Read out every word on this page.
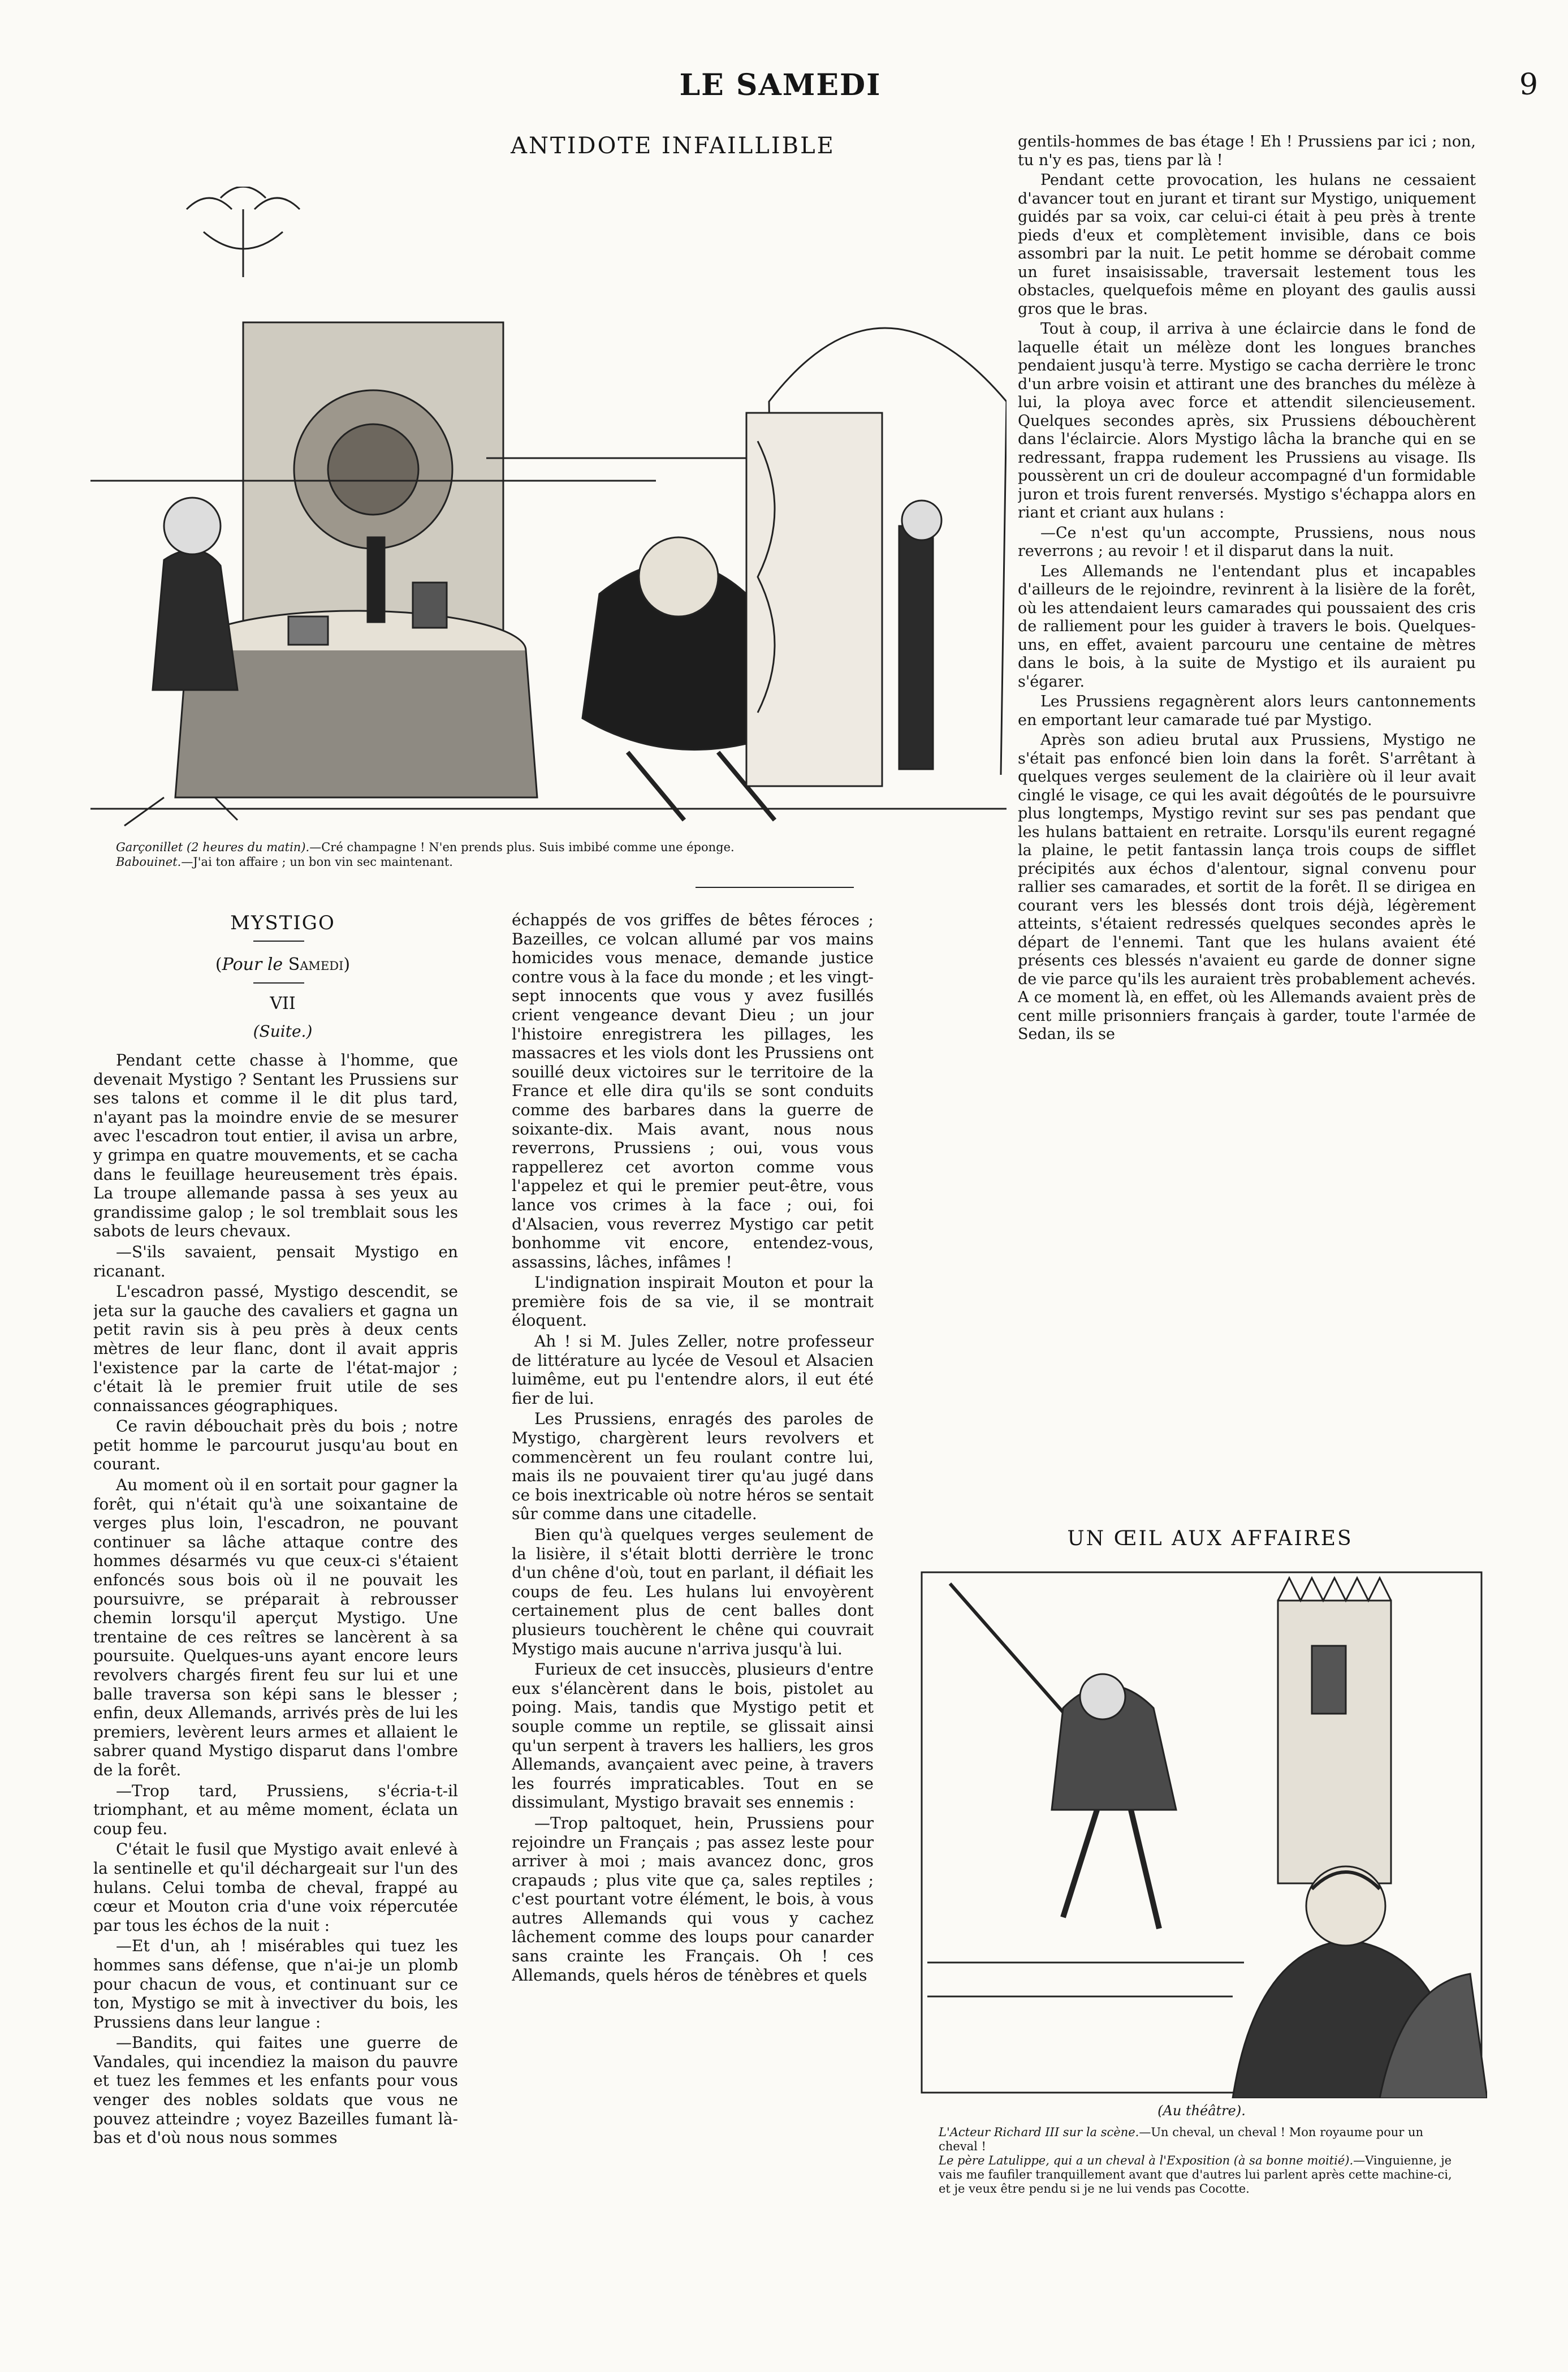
LE SAMEDI	9
ANTIDOTE INFAILLIBLE
Garçonillet (2 heures du matin).—Cré champagne ! N'en prends plus. Suis imbibé comme une éponge.
Babouinet.—J'ai ton affaire ; un bon vin sec maintenant.
MYSTIGO
(Pour le Samedi)
VII
(Suite.)

Pendant cette chasse à l'homme, que devenait Mystigo ? Sentant les Prussiens sur ses talons et comme il le dit plus tard, n'ayant pas la moindre envie de se mesurer avec l'escadron tout entier, il avisa un arbre, y grimpa en quatre mouvements, et se cacha dans le feuillage heureusement très épais. La troupe allemande passa à ses yeux au grandissime galop ; le sol tremblait sous les sabots de leurs chevaux.

—S'ils savaient, pensait Mystigo en ricanant.

L'escadron passé, Mystigo descendit, se jeta sur la gauche des cavaliers et gagna un petit ravin sis à peu près à deux cents mètres de leur flanc, dont il avait appris l'existence par la carte de l'état-major ; c'était là le premier fruit utile de ses connaissances géographiques.

Ce ravin débouchait près du bois ; notre petit homme le parcourut jusqu'au bout en courant.

Au moment où il en sortait pour gagner la forêt, qui n'était qu'à une soixantaine de verges plus loin, l'escadron, ne pouvant continuer sa lâche attaque contre des hommes désarmés vu que ceux-ci s'étaient enfoncés sous bois où il ne pouvait les poursuivre, se préparait à rebrousser chemin lorsqu'il aperçut Mystigo. Une trentaine de ces reîtres se lancèrent à sa poursuite. Quelques-uns ayant encore leurs revolvers chargés firent feu sur lui et une balle traversa son képi sans le blesser ; enfin, deux Allemands, arrivés près de lui les premiers, levèrent leurs armes et allaient le sabrer quand Mystigo disparut dans l'ombre de la forêt.

—Trop tard, Prussiens, s'écria-t-il triomphant, et au même moment, éclata un coup feu.

C'était le fusil que Mystigo avait enlevé à la sentinelle et qu'il déchargeait sur l'un des hulans. Celui tomba de cheval, frappé au cœur et Mouton cria d'une voix répercutée par tous les échos de la nuit :

—Et d'un, ah ! misérables qui tuez les hommes sans défense, que n'ai-je un plomb pour chacun de vous, et continuant sur ce ton, Mystigo se mit à invectiver du bois, les Prussiens dans leur langue :

—Bandits, qui faites une guerre de Vandales, qui incendiez la maison du pauvre et tuez les femmes et les enfants pour vous venger des nobles soldats que vous ne pouvez atteindre ; voyez Bazeilles fumant là-bas et d'où nous nous sommes

échappés de vos griffes de bêtes féroces ; Bazeilles, ce volcan allumé par vos mains homicides vous menace, demande justice contre vous à la face du monde ; et les vingt-sept innocents que vous y avez fusillés crient vengeance devant Dieu ; un jour l'histoire enregistrera les pillages, les massacres et les viols dont les Prussiens ont souillé deux victoires sur le territoire de la France et elle dira qu'ils se sont conduits comme des barbares dans la guerre de soixante-dix. Mais avant, nous nous reverrons, Prussiens ; oui, vous vous rappellerez cet avorton comme vous l'appelez et qui le premier peut-être, vous lance vos crimes à la face ; oui, foi d'Alsacien, vous reverrez Mystigo car petit bonhomme vit encore, entendez-vous, assassins, lâches, infâmes !

L'indignation inspirait Mouton et pour la première fois de sa vie, il se montrait éloquent.

Ah ! si M. Jules Zeller, notre professeur de littérature au lycée de Vesoul et Alsacien luimême, eut pu l'entendre alors, il eut été fier de lui.

Les Prussiens, enragés des paroles de Mystigo, chargèrent leurs revolvers et commencèrent un feu roulant contre lui, mais ils ne pouvaient tirer qu'au jugé dans ce bois inextricable où notre héros se sentait sûr comme dans une citadelle.

Bien qu'à quelques verges seulement de la lisière, il s'était blotti derrière le tronc d'un chêne d'où, tout en parlant, il défiait les coups de feu. Les hulans lui envoyèrent certainement plus de cent balles dont plusieurs touchèrent le chêne qui couvrait Mystigo mais aucune n'arriva jusqu'à lui.

Furieux de cet insuccès, plusieurs d'entre eux s'élancèrent dans le bois, pistolet au poing. Mais, tandis que Mystigo petit et souple comme un reptile, se glissait ainsi qu'un serpent à travers les halliers, les gros Allemands, avançaient avec peine, à travers les fourrés impraticables. Tout en se dissimulant, Mystigo bravait ses ennemis :

—Trop paltoquet, hein, Prussiens pour rejoindre un Français ; pas assez leste pour arriver à moi ; mais avancez donc, gros crapauds ; plus vite que ça, sales reptiles ; c'est pourtant votre élément, le bois, à vous autres Allemands qui vous y cachez lâchement comme des loups pour canarder sans crainte les Français. Oh ! ces Allemands, quels héros de ténèbres et quels

gentils-hommes de bas étage ! Eh ! Prussiens par ici ; non, tu n'y es pas, tiens par là !

Pendant cette provocation, les hulans ne cessaient d'avancer tout en jurant et tirant sur Mystigo, uniquement guidés par sa voix, car celui-ci était à peu près à trente pieds d'eux et complètement invisible, dans ce bois assombri par la nuit. Le petit homme se dérobait comme un furet insaisissable, traversait lestement tous les obstacles, quelquefois même en ployant des gaulis aussi gros que le bras.

Tout à coup, il arriva à une éclaircie dans le fond de laquelle était un mélèze dont les longues branches pendaient jusqu'à terre. Mystigo se cacha derrière le tronc d'un arbre voisin et attirant une des branches du mélèze à lui, la ploya avec force et attendit silencieusement. Quelques secondes après, six Prussiens débouchèrent dans l'éclaircie. Alors Mystigo lâcha la branche qui en se redressant, frappa rudement les Prussiens au visage. Ils poussèrent un cri de douleur accompagné d'un formidable juron et trois furent renversés. Mystigo s'échappa alors en riant et criant aux hulans :

—Ce n'est qu'un accompte, Prussiens, nous nous reverrons ; au revoir ! et il disparut dans la nuit.

Les Allemands ne l'entendant plus et incapables d'ailleurs de le rejoindre, revinrent à la lisière de la forêt, où les attendaient leurs camarades qui poussaient des cris de ralliement pour les guider à travers le bois. Quelques-uns, en effet, avaient parcouru une centaine de mètres dans le bois, à la suite de Mystigo et ils auraient pu s'égarer.

Les Prussiens regagnèrent alors leurs cantonnements en emportant leur camarade tué par Mystigo.

Après son adieu brutal aux Prussiens, Mystigo ne s'était pas enfoncé bien loin dans la forêt. S'arrêtant à quelques verges seulement de la clairière où il leur avait cinglé le visage, ce qui les avait dégoûtés de le poursuivre plus longtemps, Mystigo revint sur ses pas pendant que les hulans battaient en retraite. Lorsqu'ils eurent regagné la plaine, le petit fantassin lança trois coups de sifflet précipités aux échos d'alentour, signal convenu pour rallier ses camarades, et sortit de la forêt. Il se dirigea en courant vers les blessés dont trois déjà, légèrement atteints, s'étaient redressés quelques secondes après le départ de l'ennemi. Tant que les hulans avaient été présents ces blessés n'avaient eu garde de donner signe de vie parce qu'ils les auraient très probablement achevés. A ce moment là, en effet, où les Allemands avaient près de cent mille prisonniers français à garder, toute l'armée de Sedan, ils se

UN ŒIL AUX AFFAIRES
(Au théâtre).
L'Acteur Richard III sur la scène.—Un cheval, un cheval ! Mon royaume pour un cheval !
Le père Latulippe, qui a un cheval à l'Exposition (à sa bonne moitié).—Vinguienne, je vais me faufiler tranquillement avant que d'autres lui parlent après cette machine-ci, et je veux être pendu si je ne lui vends pas Cocotte.
